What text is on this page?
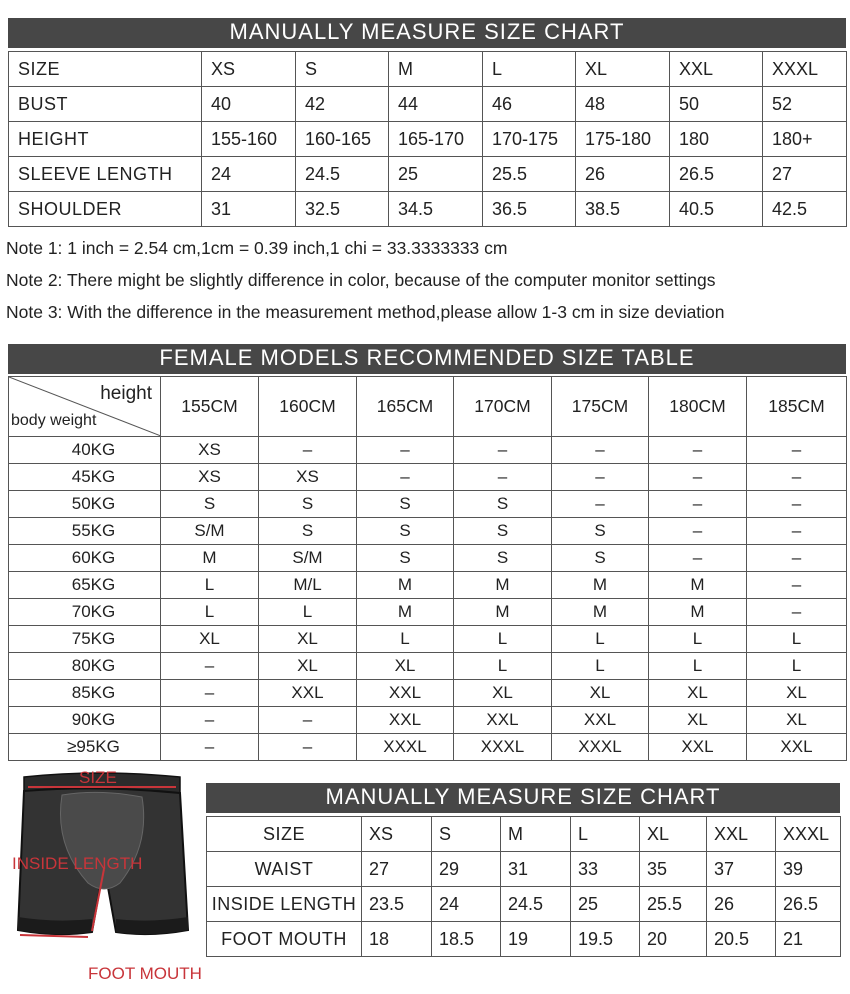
MANUALLY MEASURE SIZE CHART
SIZE	XS	S	M	L	XL	XXL	XXXL
BUST	40	42	44	46	48	50	52
HEIGHT	155-160	160-165	165-170	170-175	175-180	180	180+
SLEEVE LENGTH	24	24.5	25	25.5	26	26.5	27
SHOULDER	31	32.5	34.5	36.5	38.5	40.5	42.5
Note 1: 1 inch = 2.54 cm,1cm = 0.39 inch,1 chi = 33.3333333 cm
Note 2: There might be slightly difference in color, because of the computer monitor settings
Note 3: With the difference in the measurement method,please allow 1-3 cm in size deviation
FEMALE MODELS RECOMMENDED SIZE TABLE
height
body weight	155CM	160CM	165CM	170CM	175CM	180CM	185CM
40KG	XS	–	–	–	–	–	–
45KG	XS	XS	–	–	–	–	–
50KG	S	S	S	S	–	–	–
55KG	S/M	S	S	S	S	–	–
60KG	M	S/M	S	S	S	–	–
65KG	L	M/L	M	M	M	M	–
70KG	L	L	M	M	M	M	–
75KG	XL	XL	L	L	L	L	L
80KG	–	XL	XL	L	L	L	L
85KG	–	XXL	XXL	XL	XL	XL	XL
90KG	–	–	XXL	XXL	XXL	XL	XL
≥95KG	–	–	XXXL	XXXL	XXXL	XXL	XXL
SIZE
INSIDE LENGTH
FOOT MOUTH
MANUALLY MEASURE SIZE CHART
SIZE	XS	S	M	L	XL	XXL	XXXL
WAIST	27	29	31	33	35	37	39
INSIDE LENGTH	23.5	24	24.5	25	25.5	26	26.5
FOOT MOUTH	18	18.5	19	19.5	20	20.5	21
